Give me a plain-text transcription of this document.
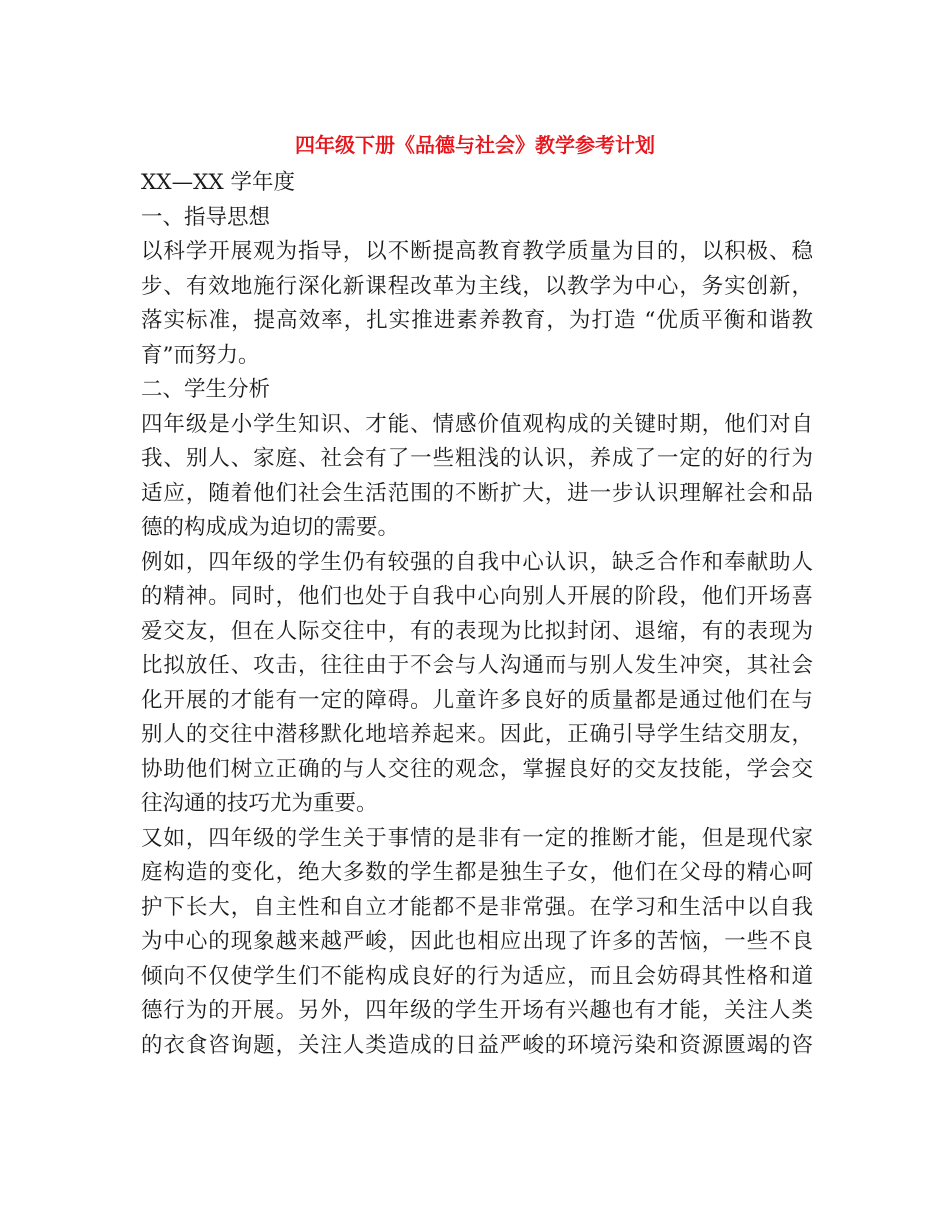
四年级下册《品德与社会》教学参考计划
XX—XX 学年度
一、指导思想
以科学开展观为指导，以不断提高教育教学质量为目的，以积极、稳
步、有效地施行深化新课程改革为主线，以教学为中心，务实创新，
落实标准，提高效率，扎实推进素养教育，为打造 “优质平衡和谐教
育”而努力。
二、学生分析
四年级是小学生知识、才能、情感价值观构成的关键时期，他们对自
我、别人、家庭、社会有了一些粗浅的认识，养成了一定的好的行为
适应，随着他们社会生活范围的不断扩大，进一步认识理解社会和品
德的构成成为迫切的需要。
例如，四年级的学生仍有较强的自我中心认识，缺乏合作和奉献助人
的精神。同时，他们也处于自我中心向别人开展的阶段，他们开场喜
爱交友，但在人际交往中，有的表现为比拟封闭、退缩，有的表现为
比拟放任、攻击，往往由于不会与人沟通而与别人发生冲突，其社会
化开展的才能有一定的障碍。儿童许多良好的质量都是通过他们在与
别人的交往中潜移默化地培养起来。因此，正确引导学生结交朋友，
协助他们树立正确的与人交往的观念，掌握良好的交友技能，学会交
往沟通的技巧尤为重要。
又如，四年级的学生关于事情的是非有一定的推断才能，但是现代家
庭构造的变化，绝大多数的学生都是独生子女，他们在父母的精心呵
护下长大，自主性和自立才能都不是非常强。在学习和生活中以自我
为中心的现象越来越严峻，因此也相应出现了许多的苦恼，一些不良
倾向不仅使学生们不能构成良好的行为适应，而且会妨碍其性格和道
德行为的开展。另外，四年级的学生开场有兴趣也有才能，关注人类
的衣食咨询题，关注人类造成的日益严峻的环境污染和资源匮竭的咨
